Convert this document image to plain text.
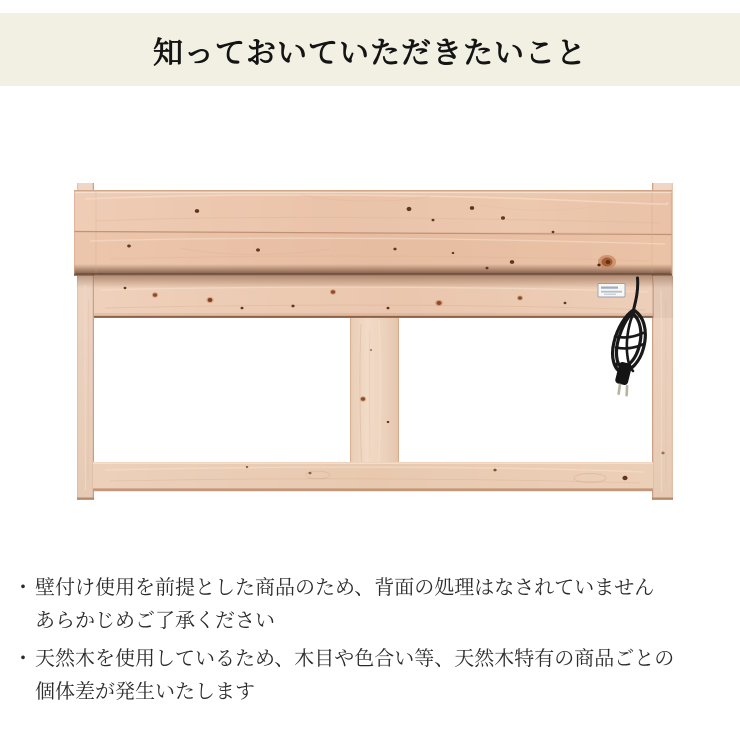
知っておいていただきたいこと
・ 壁付け使用を前提とした商品のため、背面の処理はなされていません
あらかじめご了承ください
・ 天然木を使用しているため、木目や色合い等、天然木特有の商品ごとの
個体差が発生いたします
